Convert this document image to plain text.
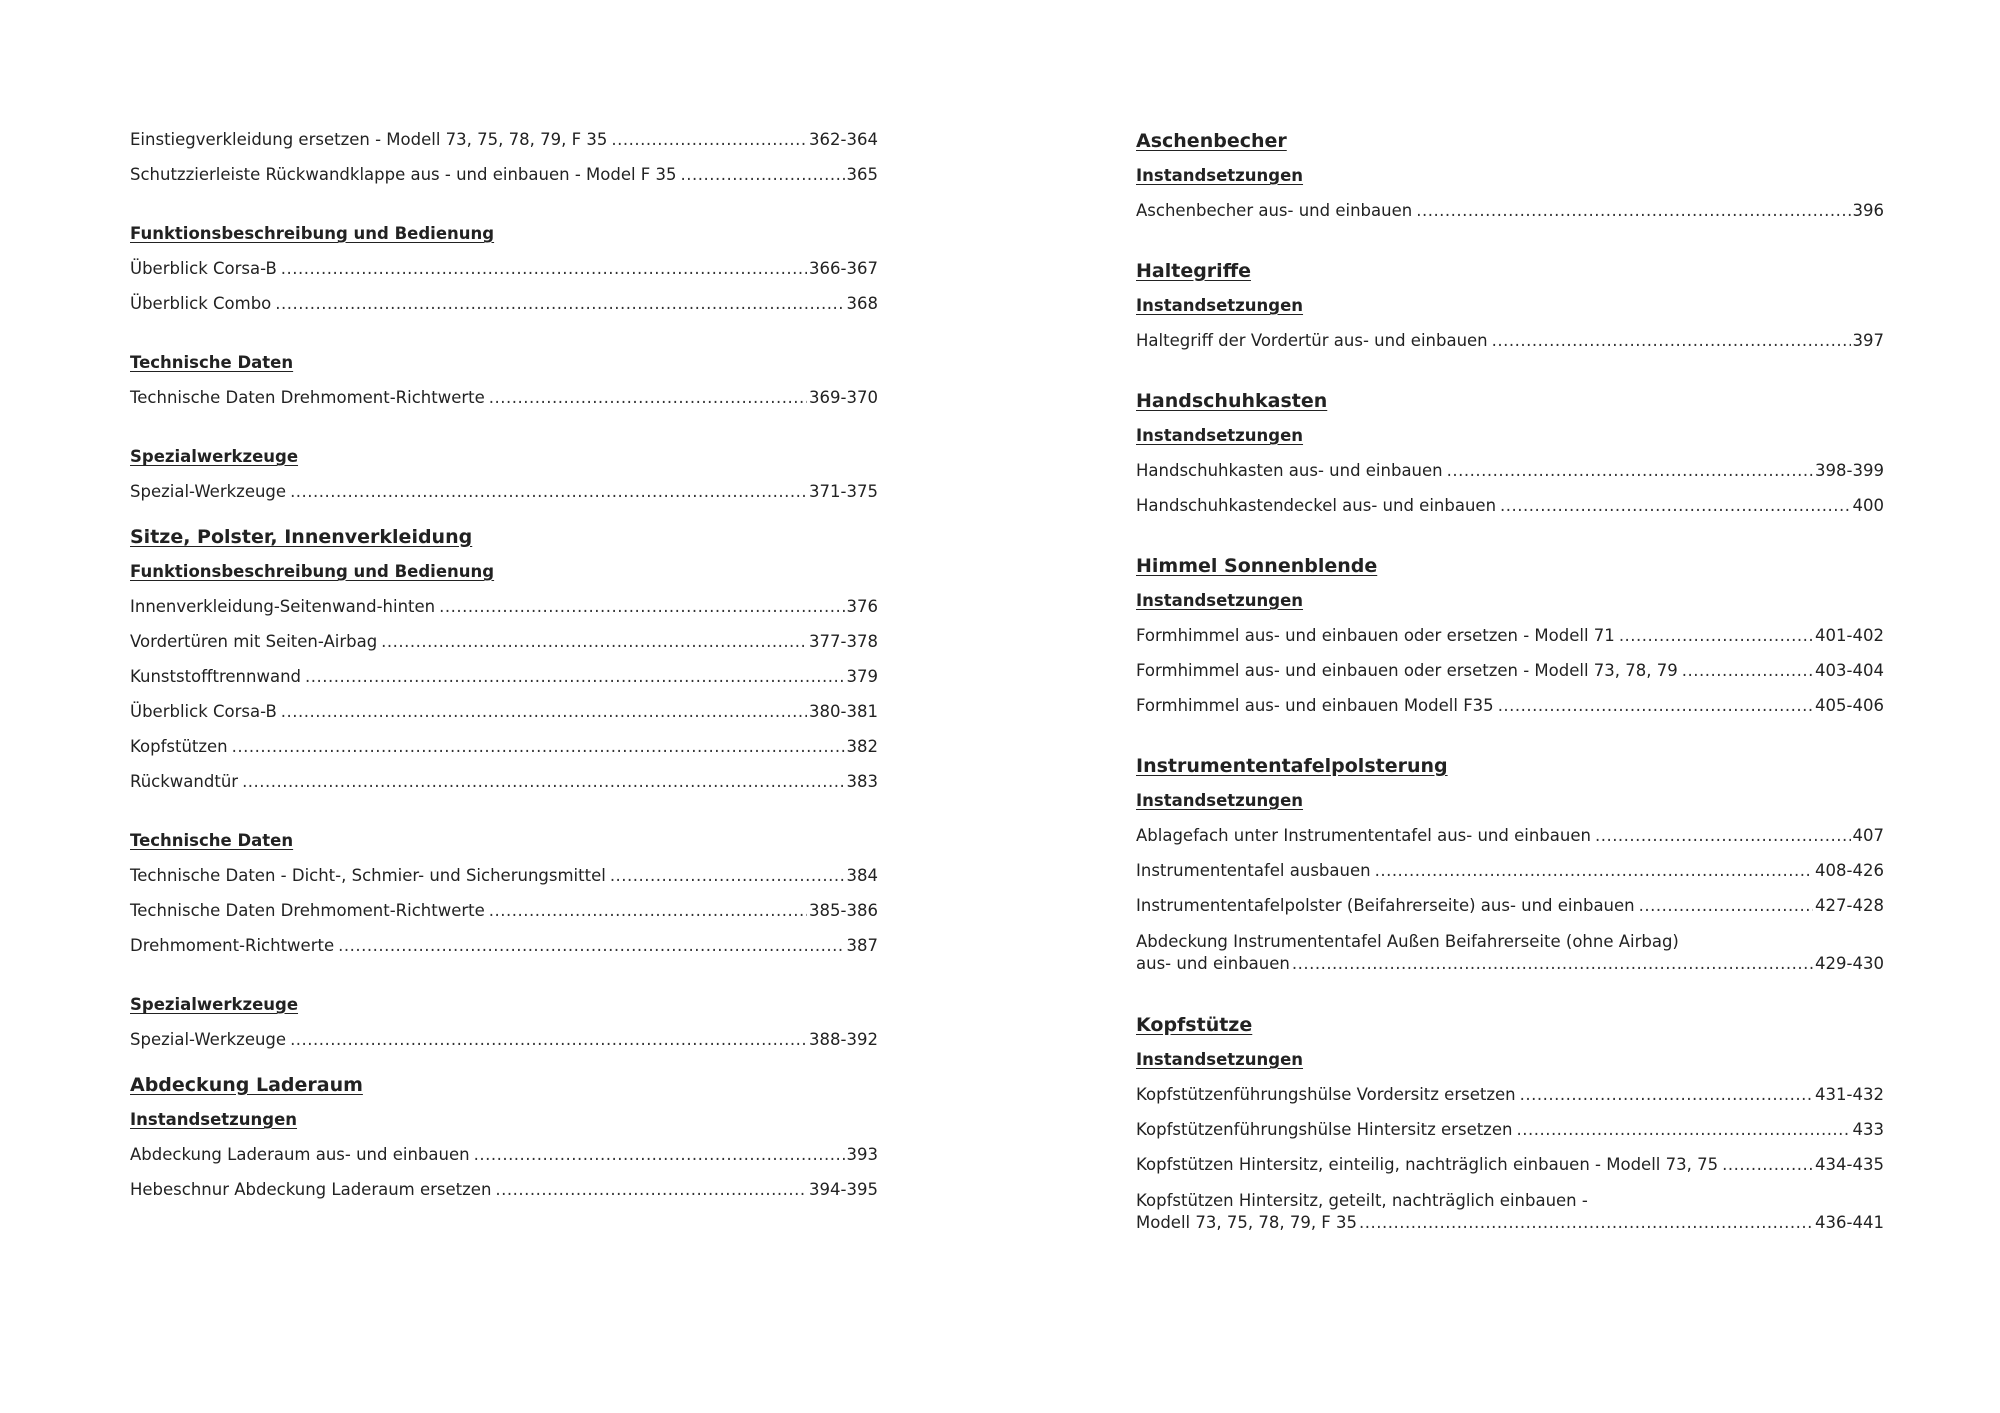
Einstiegverkleidung ersetzen - Modell 73, 75, 78, 79, F 35 .....	362-364
Schutzzierleiste Rückwandklappe aus - und einbauen - Model F 35 .....	365
Funktionsbeschreibung und Bedienung
Überblick Corsa-B .....	366-367
Überblick Combo .....	368
Technische Daten
Technische Daten Drehmoment-Richtwerte .....	369-370
Spezialwerkzeuge
Spezial-Werkzeuge .....	371-375
Sitze, Polster, Innenverkleidung
Funktionsbeschreibung und Bedienung
Innenverkleidung-Seitenwand-hinten .....	376
Vordertüren mit Seiten-Airbag .....	377-378
Kunststofftrennwand .....	379
Überblick Corsa-B .....	380-381
Kopfstützen .....	382
Rückwandtür .....	383
Technische Daten
Technische Daten - Dicht-, Schmier- und Sicherungsmittel .....	384
Technische Daten Drehmoment-Richtwerte .....	385-386
Drehmoment-Richtwerte .....	387
Spezialwerkzeuge
Spezial-Werkzeuge .....	388-392
Abdeckung Laderaum
Instandsetzungen
Abdeckung Laderaum aus- und einbauen .....	393
Hebeschnur Abdeckung Laderaum ersetzen .....	394-395
Aschenbecher
Instandsetzungen
Aschenbecher aus- und einbauen .....	396
Haltegriffe
Instandsetzungen
Haltegriff der Vordertür aus- und einbauen .....	397
Handschuhkasten
Instandsetzungen
Handschuhkasten aus- und einbauen .....	398-399
Handschuhkastendeckel aus- und einbauen .....	400
Himmel Sonnenblende
Instandsetzungen
Formhimmel aus- und einbauen oder ersetzen - Modell 71 .....	401-402
Formhimmel aus- und einbauen oder ersetzen - Modell 73, 78, 79 .....	403-404
Formhimmel aus- und einbauen Modell F35 .....	405-406
Instrumententafelpolsterung
Instandsetzungen
Ablagefach unter Instrumententafel aus- und einbauen .....	407
Instrumententafel ausbauen .....	408-426
Instrumententafelpolster (Beifahrerseite) aus- und einbauen .....	427-428
Abdeckung Instrumententafel Außen Beifahrerseite (ohne Airbag)
aus- und einbauen .....	429-430
Kopfstütze
Instandsetzungen
Kopfstützenführungshülse Vordersitz ersetzen .....	431-432
Kopfstützenführungshülse Hintersitz ersetzen .....	433
Kopfstützen Hintersitz, einteilig, nachträglich einbauen - Modell 73, 75 .....	434-435
Kopfstützen Hintersitz, geteilt, nachträglich einbauen -
Modell 73, 75, 78, 79, F 35 .....	436-441
